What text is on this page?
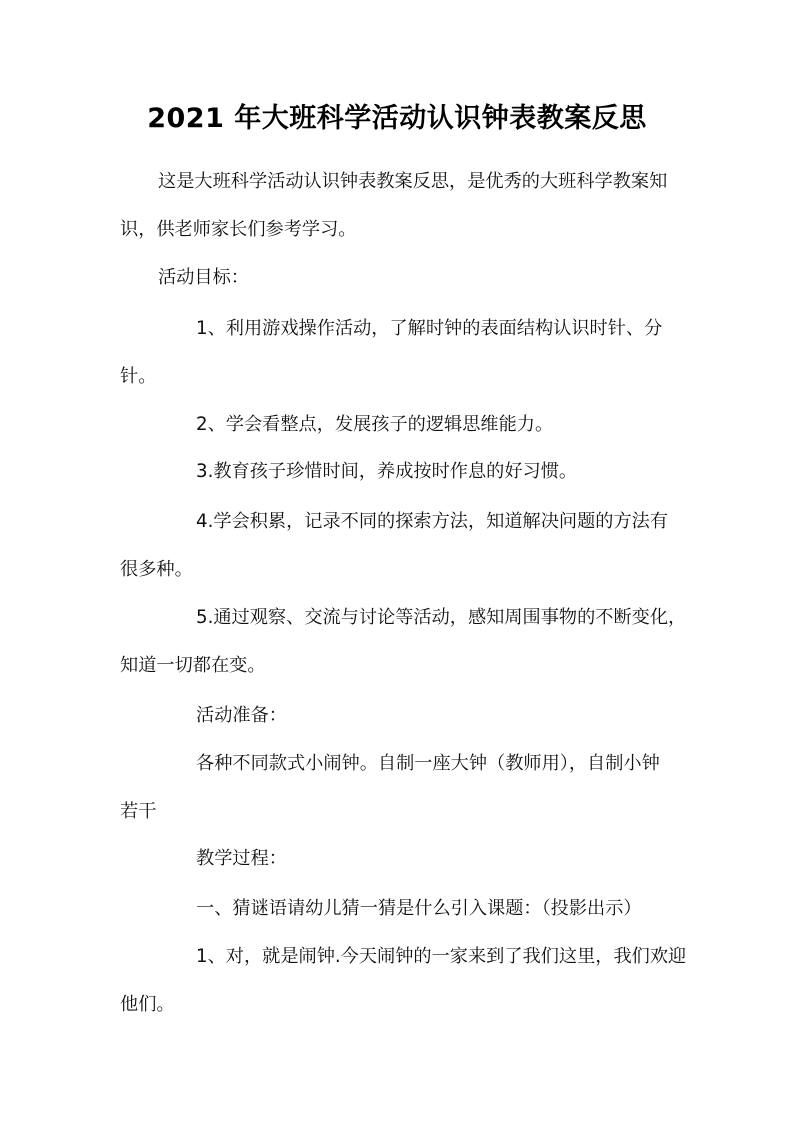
2021 年大班科学活动认识钟表教案反思
这是大班科学活动认识钟表教案反思，是优秀的大班科学教案知
识，供老师家长们参考学习。
活动目标：
1、利用游戏操作活动，了解时钟的表面结构认识时针、分
针。
2、学会看整点，发展孩子的逻辑思维能力。
3.教育孩子珍惜时间，养成按时作息的好习惯。
4.学会积累，记录不同的探索方法，知道解决问题的方法有
很多种。
5.通过观察、交流与讨论等活动，感知周围事物的不断变化，
知道一切都在变。
活动准备：
各种不同款式小闹钟。自制一座大钟（教师用），自制小钟
若干
教学过程：
一、猜谜语请幼儿猜一猜是什么引入课题：（投影出示）
1、对，就是闹钟.今天闹钟的一家来到了我们这里，我们欢迎
他们。
